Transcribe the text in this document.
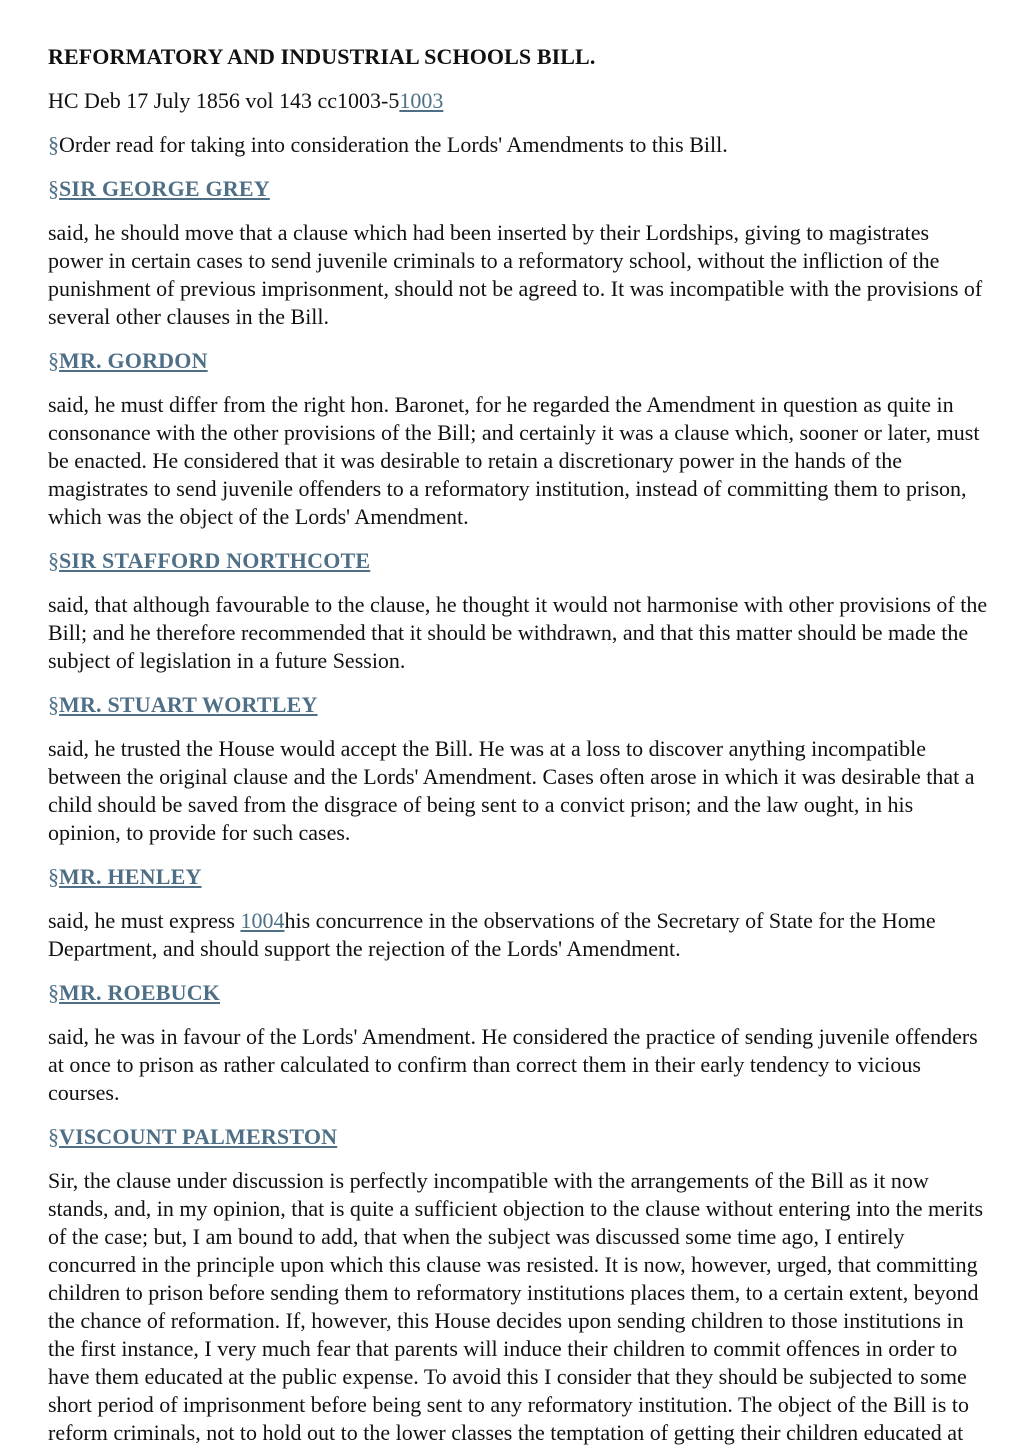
REFORMATORY AND INDUSTRIAL SCHOOLS BILL.
HC Deb 17 July 1856 vol 143 cc1003-51003

§Order read for taking into consideration the Lords' Amendments to this Bill.

§SIR GEORGE GREY

said, he should move that a clause which had been inserted by their Lordships, giving to magistrates power in certain cases to send juvenile criminals to a reformatory school, without the infliction of the punishment of previous imprisonment, should not be agreed to. It was incompatible with the provisions of several other clauses in the Bill.

§MR. GORDON

said, he must differ from the right hon. Baronet, for he regarded the Amendment in question as quite in consonance with the other provisions of the Bill; and certainly it was a clause which, sooner or later, must be enacted. He considered that it was desirable to retain a discretionary power in the hands of the magistrates to send juvenile offenders to a reformatory institution, instead of committing them to prison, which was the object of the Lords' Amendment.

§SIR STAFFORD NORTHCOTE

said, that although favourable to the clause, he thought it would not harmonise with other provisions of the Bill; and he therefore recommended that it should be withdrawn, and that this matter should be made the subject of legislation in a future Session.

§MR. STUART WORTLEY

said, he trusted the House would accept the Bill. He was at a loss to discover anything incompatible between the original clause and the Lords' Amendment. Cases often arose in which it was desirable that a child should be saved from the disgrace of being sent to a convict prison; and the law ought, in his opinion, to provide for such cases.

§MR. HENLEY

said, he must express 1004his concurrence in the observations of the Secretary of State for the Home Department, and should support the rejection of the Lords' Amendment.

§MR. ROEBUCK

said, he was in favour of the Lords' Amendment. He considered the practice of sending juvenile offenders at once to prison as rather calculated to confirm than correct them in their early tendency to vicious courses.

§VISCOUNT PALMERSTON

Sir, the clause under discussion is perfectly incompatible with the arrangements of the Bill as it now stands, and, in my opinion, that is quite a sufficient objection to the clause without entering into the merits of the case; but, I am bound to add, that when the subject was discussed some time ago, I entirely concurred in the principle upon which this clause was resisted. It is now, however, urged, that committing children to prison before sending them to reformatory institutions places them, to a certain extent, beyond the chance of reformation. If, however, this House decides upon sending children to those institutions in the first instance, I very much fear that parents will induce their children to commit offences in order to have them educated at the public expense. To avoid this I consider that they should be subjected to some short period of imprisonment before being sent to any reformatory institution. The object of the Bill is to reform criminals, not to hold out to the lower classes the temptation of getting their children educated at
